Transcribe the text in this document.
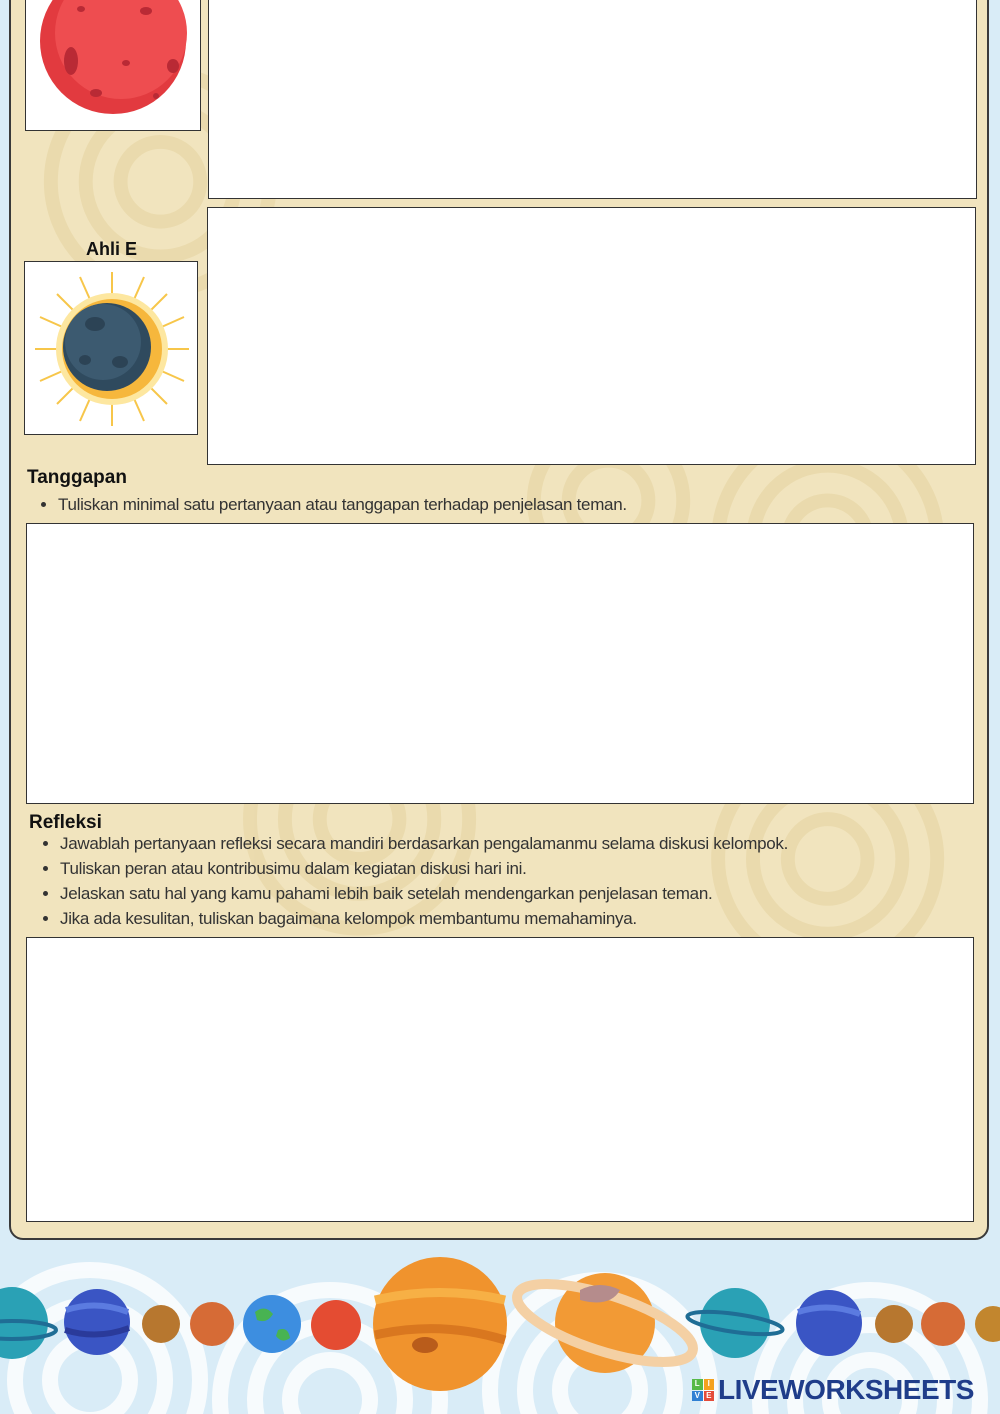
Ahli E
Tanggapan
• Tuliskan minimal satu pertanyaan atau tanggapan terhadap penjelasan teman.
Refleksi
• Jawablah pertanyaan refleksi secara mandiri berdasarkan pengalamanmu selama diskusi kelompok.
• Tuliskan peran atau kontribusimu dalam kegiatan diskusi hari ini.
• Jelaskan satu hal yang kamu pahami lebih baik setelah mendengarkan penjelasan teman.
• Jika ada kesulitan, tuliskan bagaimana kelompok membantumu memahaminya.
L I
V E LIVEWORKSHEETS
